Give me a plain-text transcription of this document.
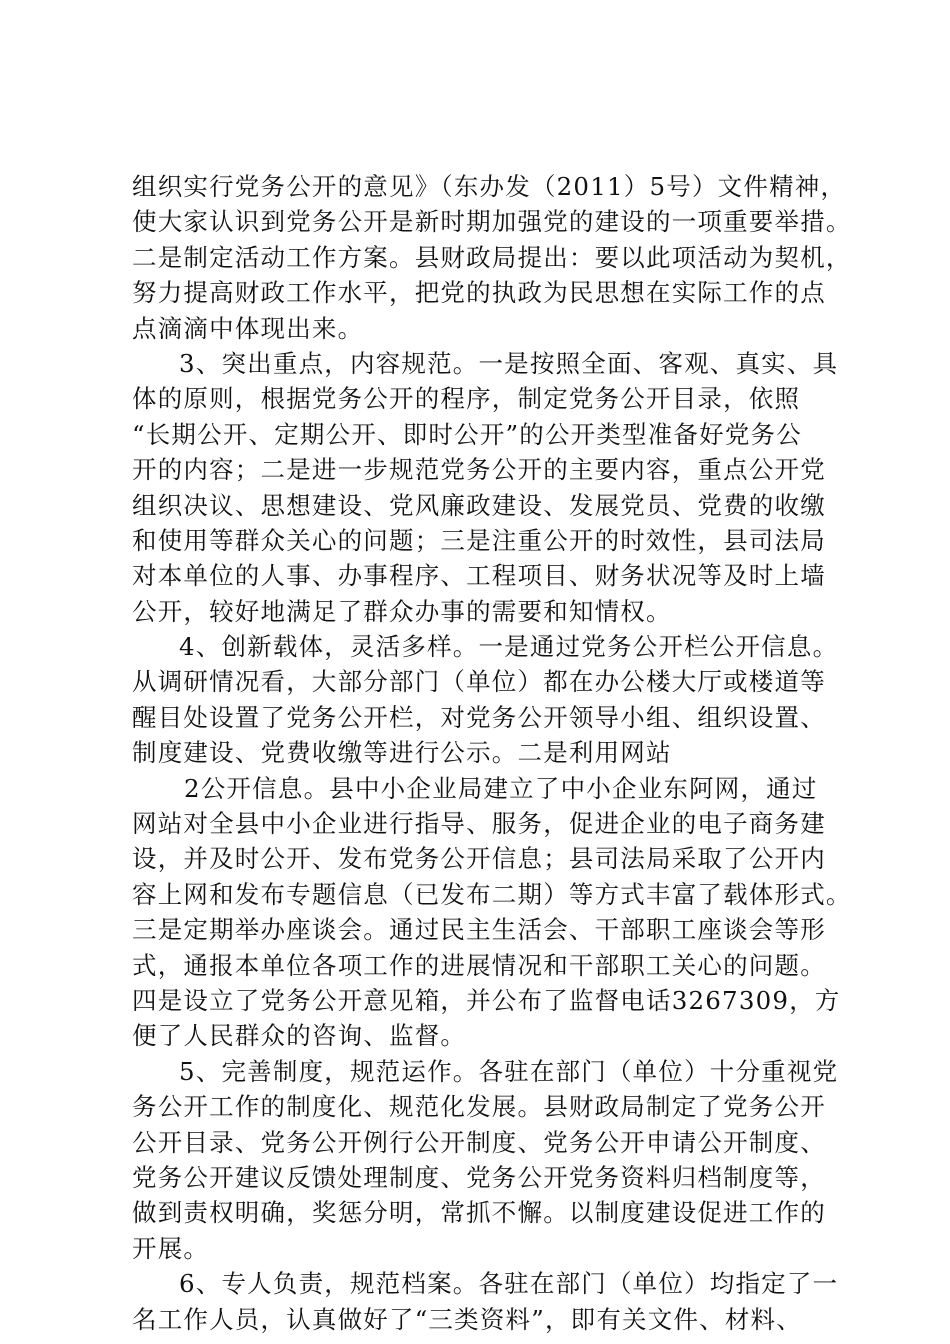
组织实行党务公开的意见》（东办发（2011）5号）文件精神，
使大家认识到党务公开是新时期加强党的建设的一项重要举措。
二是制定活动工作方案。县财政局提出：要以此项活动为契机，
努力提高财政工作水平，把党的执政为民思想在实际工作的点
点滴滴中体现出来。
3、突出重点，内容规范。一是按照全面、客观、真实、具
体的原则，根据党务公开的程序，制定党务公开目录，依照
“长期公开、定期公开、即时公开”的公开类型准备好党务公
开的内容；二是进一步规范党务公开的主要内容，重点公开党
组织决议、思想建设、党风廉政建设、发展党员、党费的收缴
和使用等群众关心的问题；三是注重公开的时效性，县司法局
对本单位的人事、办事程序、工程项目、财务状况等及时上墙
公开，较好地满足了群众办事的需要和知情权。
4、创新载体，灵活多样。一是通过党务公开栏公开信息。
从调研情况看，大部分部门（单位）都在办公楼大厅或楼道等
醒目处设置了党务公开栏，对党务公开领导小组、组织设置、
制度建设、党费收缴等进行公示。二是利用网站
2公开信息。县中小企业局建立了中小企业东阿网，通过
网站对全县中小企业进行指导、服务，促进企业的电子商务建
设，并及时公开、发布党务公开信息；县司法局采取了公开内
容上网和发布专题信息（已发布二期）等方式丰富了载体形式。
三是定期举办座谈会。通过民主生活会、干部职工座谈会等形
式，通报本单位各项工作的进展情况和干部职工关心的问题。
四是设立了党务公开意见箱，并公布了监督电话3267309，方
便了人民群众的咨询、监督。
5、完善制度，规范运作。各驻在部门（单位）十分重视党
务公开工作的制度化、规范化发展。县财政局制定了党务公开
公开目录、党务公开例行公开制度、党务公开申请公开制度、
党务公开建议反馈处理制度、党务公开党务资料归档制度等，
做到责权明确，奖惩分明，常抓不懈。以制度建设促进工作的
开展。
6、专人负责，规范档案。各驻在部门（单位）均指定了一
名工作人员，认真做好了“三类资料”，即有关文件、材料、
